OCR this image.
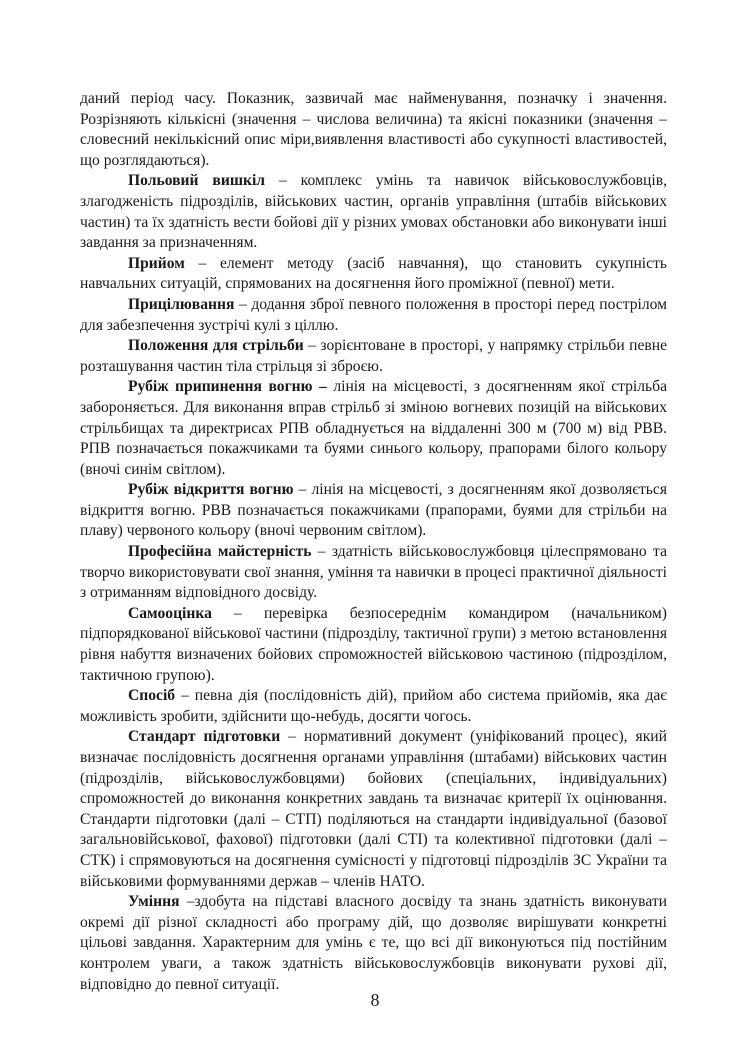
даний період часу. Показник, зазвичай має найменування, позначку і значення. Розрізняють кількісні (значення – числова величина) та якісні показники (значення – словесний некількісний опис міри,виявлення властивості або сукупності властивостей, що розглядаються).

Польовий вишкіл – комплекс умінь та навичок військовослужбовців, злагодженість підрозділів, військових частин, органів управління (штабів військових частин) та їх здатність вести бойові дії у різних умовах обстановки або виконувати інші завдання за призначенням.

Прийом – елемент методу (засіб навчання), що становить сукупність навчальних ситуацій, спрямованих на досягнення його проміжної (певної) мети.

Прицілювання – додання зброї певного положення в просторі перед пострілом для забезпечення зустрічі кулі з ціллю.

Положення для стрільби – зорієнтоване в просторі, у напрямку стрільби певне розташування частин тіла стрільця зі зброєю.

Рубіж припинення вогню – лінія на місцевості, з досягненням якої стрільба забороняється. Для виконання вправ стрільб зі зміною вогневих позицій на військових стрільбищах та директрисах РПВ обладнується на віддаленні 300 м (700 м) від РВВ. РПВ позначається покажчиками та буями синього кольору, прапорами білого кольору (вночі синім світлом).

Рубіж відкриття вогню – лінія на місцевості, з досягненням якої дозволяється відкриття вогню. РВВ позначається покажчиками (прапорами, буями для стрільби на плаву) червоного кольору (вночі червоним світлом).

Професійна майстерність – здатність військовослужбовця цілеспрямовано та творчо використовувати свої знання, уміння та навички в процесі практичної діяльності з отриманням відповідного досвіду.

Самооцінка – перевірка безпосереднім командиром (начальником) підпорядкованої військової частини (підрозділу, тактичної групи) з метою встановлення рівня набуття визначених бойових спроможностей військовою частиною (підрозділом, тактичною групою).

Спосіб – певна дія (послідовність дій), прийом або система прийомів, яка дає можливість зробити, здійснити що-небудь, досягти чогось.

Стандарт підготовки – нормативний документ (уніфікований процес), який визначає послідовність досягнення органами управління (штабами) військових частин (підрозділів, військовослужбовцями) бойових (спеціальних, індивідуальних) спроможностей до виконання конкретних завдань та визначає критерії їх оцінювання. Стандарти підготовки (далі – СТП) поділяються на стандарти індивідуальної (базової загальновійськової, фахової) підготовки (далі СТІ) та колективної підготовки (далі – СТК) і спрямовуються на досягнення сумісності у підготовці підрозділів ЗС України та військовими формуваннями держав – членів НАТО.

Уміння –здобута на підставі власного досвіду та знань здатність виконувати окремі дії різної складності або програму дій, що дозволяє вирішувати конкретні цільові завдання. Характерним для умінь є те, що всі дії виконуються під постійним контролем уваги, а також здатність військовослужбовців виконувати рухові дії, відповідно до певної ситуації.

8
